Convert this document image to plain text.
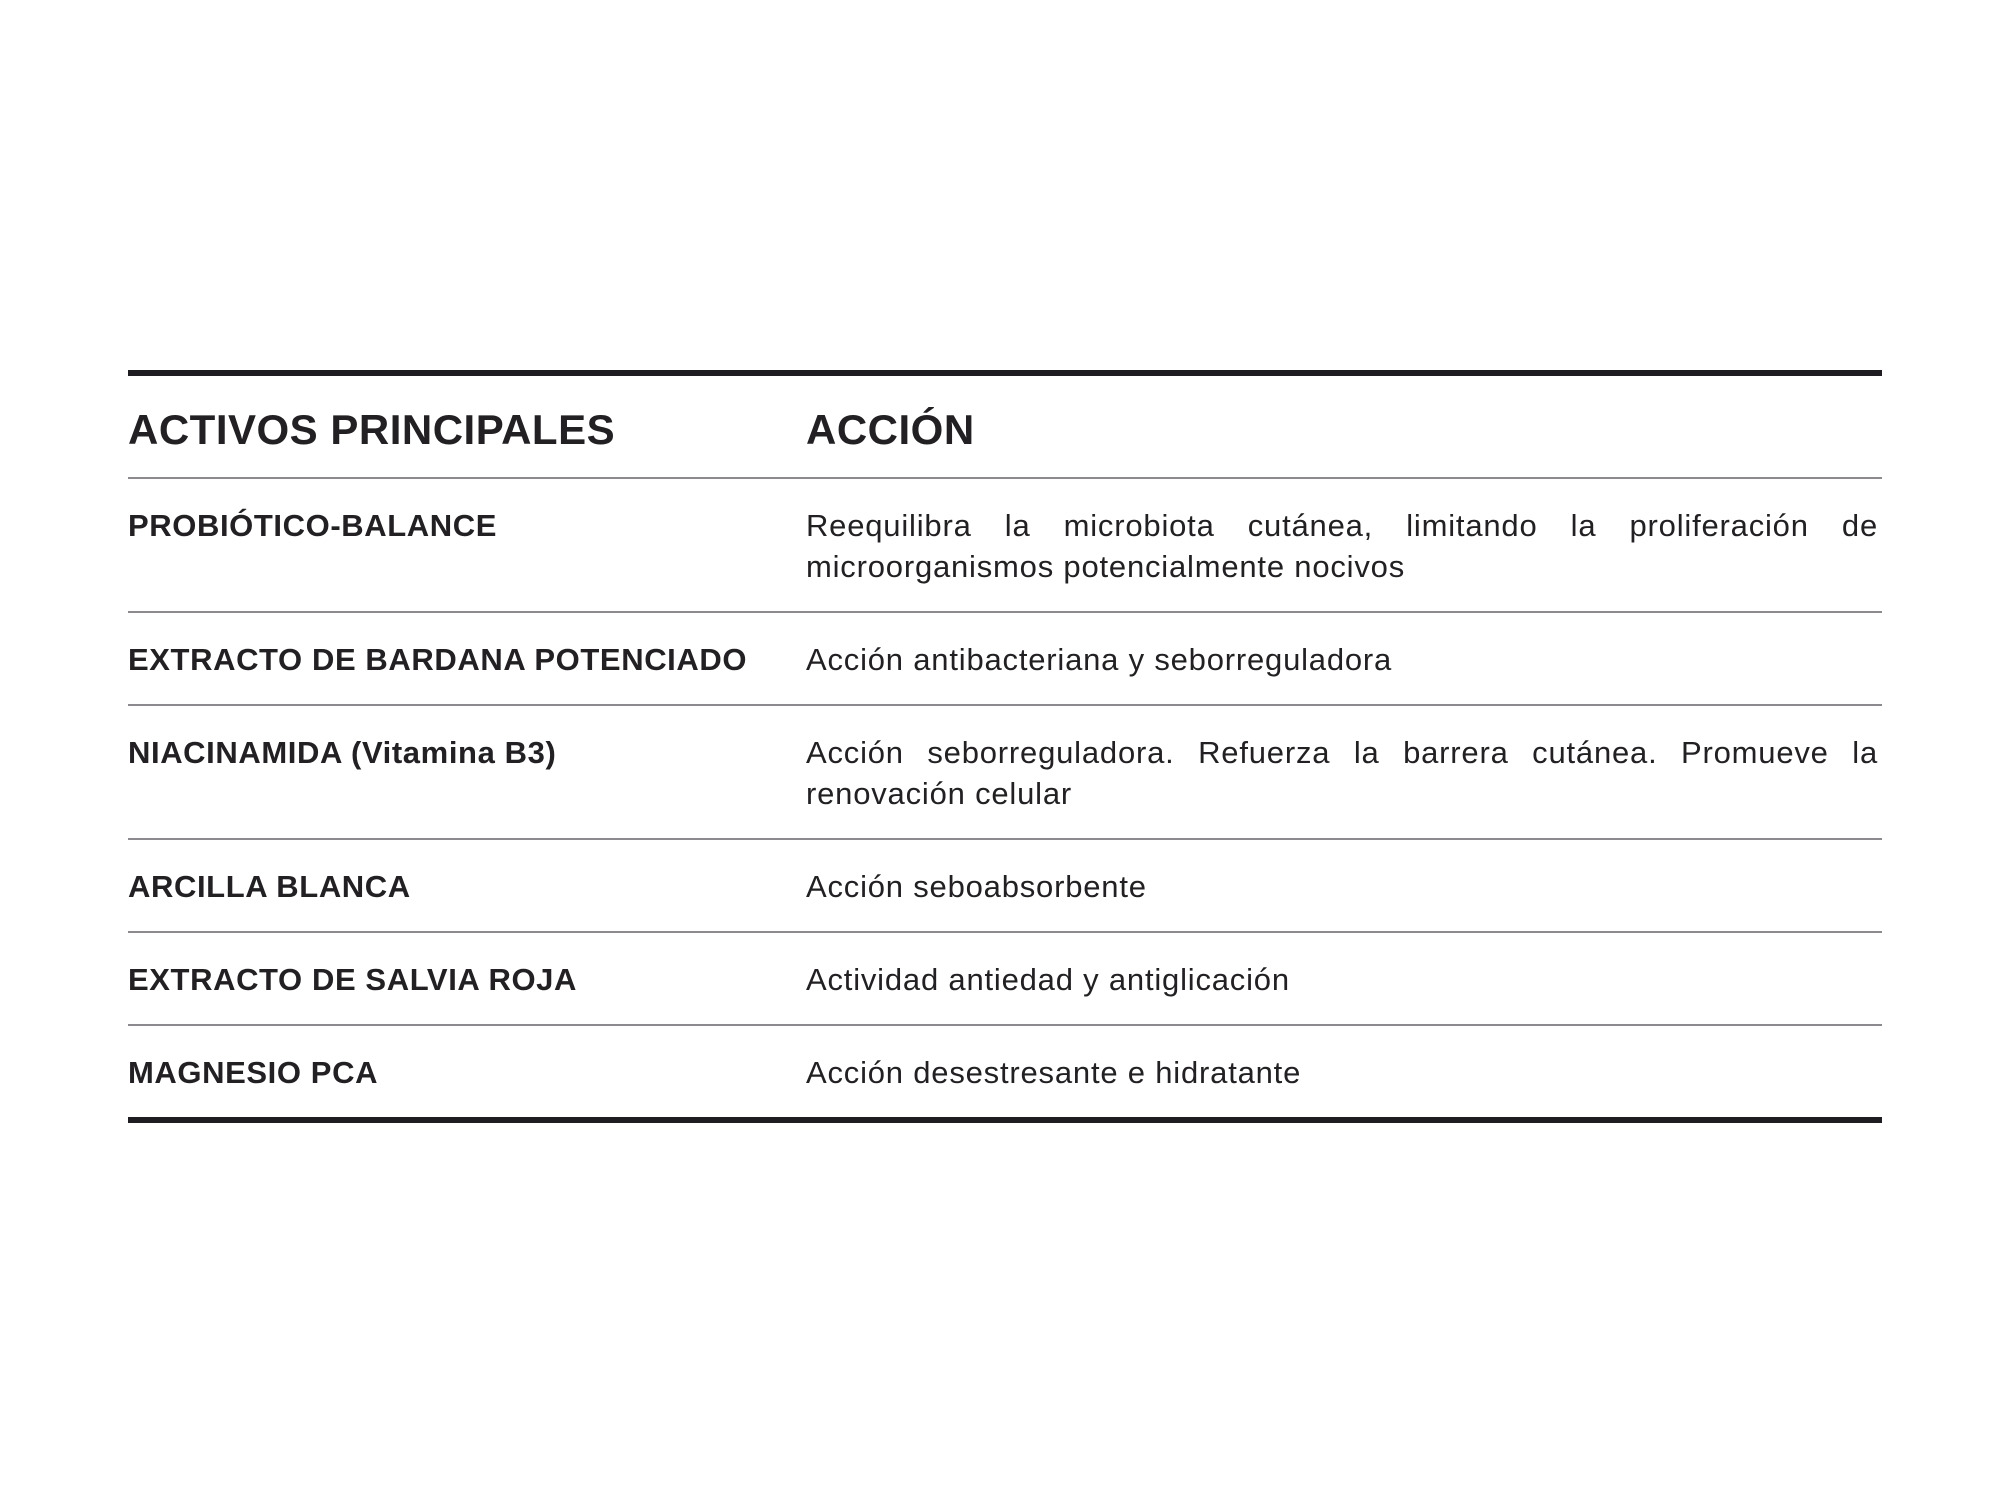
ACTIVOS PRINCIPALES	ACCIÓN
PROBIÓTICO-BALANCE	Reequilibra la microbiota cutánea, limitando la proliferación de microorganismos potencialmente nocivos
EXTRACTO DE BARDANA POTENCIADO	Acción antibacteriana y seborreguladora
NIACINAMIDA (Vitamina B3)	Acción seborreguladora. Refuerza la barrera cutánea. Promueve la renovación celular
ARCILLA BLANCA	Acción seboabsorbente
EXTRACTO DE SALVIA ROJA	Actividad antiedad y antiglicación
MAGNESIO PCA	Acción desestresante e hidratante
